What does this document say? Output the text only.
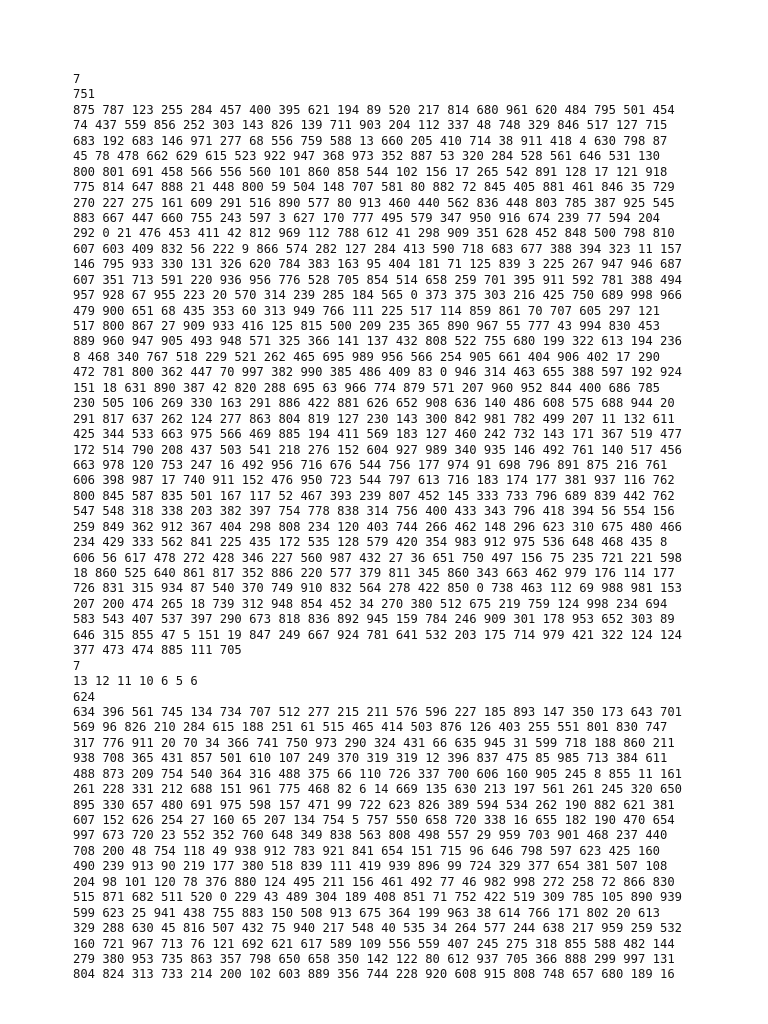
7
751
875 787 123 255 284 457 400 395 621 194 89 520 217 814 680 961 620 484 795 501 454
74 437 559 856 252 303 143 826 139 711 903 204 112 337 48 748 329 846 517 127 715
683 192 683 146 971 277 68 556 759 588 13 660 205 410 714 38 911 418 4 630 798 87
45 78 478 662 629 615 523 922 947 368 973 352 887 53 320 284 528 561 646 531 130
800 801 691 458 566 556 560 101 860 858 544 102 156 17 265 542 891 128 17 121 918
775 814 647 888 21 448 800 59 504 148 707 581 80 882 72 845 405 881 461 846 35 729
270 227 275 161 609 291 516 890 577 80 913 460 440 562 836 448 803 785 387 925 545
883 667 447 660 755 243 597 3 627 170 777 495 579 347 950 916 674 239 77 594 204
292 0 21 476 453 411 42 812 969 112 788 612 41 298 909 351 628 452 848 500 798 810
607 603 409 832 56 222 9 866 574 282 127 284 413 590 718 683 677 388 394 323 11 157
146 795 933 330 131 326 620 784 383 163 95 404 181 71 125 839 3 225 267 947 946 687
607 351 713 591 220 936 956 776 528 705 854 514 658 259 701 395 911 592 781 388 494
957 928 67 955 223 20 570 314 239 285 184 565 0 373 375 303 216 425 750 689 998 966
479 900 651 68 435 353 60 313 949 766 111 225 517 114 859 861 70 707 605 297 121
517 800 867 27 909 933 416 125 815 500 209 235 365 890 967 55 777 43 994 830 453
889 960 947 905 493 948 571 325 366 141 137 432 808 522 755 680 199 322 613 194 236
8 468 340 767 518 229 521 262 465 695 989 956 566 254 905 661 404 906 402 17 290
472 781 800 362 447 70 997 382 990 385 486 409 83 0 946 314 463 655 388 597 192 924
151 18 631 890 387 42 820 288 695 63 966 774 879 571 207 960 952 844 400 686 785
230 505 106 269 330 163 291 886 422 881 626 652 908 636 140 486 608 575 688 944 20
291 817 637 262 124 277 863 804 819 127 230 143 300 842 981 782 499 207 11 132 611
425 344 533 663 975 566 469 885 194 411 569 183 127 460 242 732 143 171 367 519 477
172 514 790 208 437 503 541 218 276 152 604 927 989 340 935 146 492 761 140 517 456
663 978 120 753 247 16 492 956 716 676 544 756 177 974 91 698 796 891 875 216 761
606 398 987 17 740 911 152 476 950 723 544 797 613 716 183 174 177 381 937 116 762
800 845 587 835 501 167 117 52 467 393 239 807 452 145 333 733 796 689 839 442 762
547 548 318 338 203 382 397 754 778 838 314 756 400 433 343 796 418 394 56 554 156
259 849 362 912 367 404 298 808 234 120 403 744 266 462 148 296 623 310 675 480 466
234 429 333 562 841 225 435 172 535 128 579 420 354 983 912 975 536 648 468 435 8
606 56 617 478 272 428 346 227 560 987 432 27 36 651 750 497 156 75 235 721 221 598
18 860 525 640 861 817 352 886 220 577 379 811 345 860 343 663 462 979 176 114 177
726 831 315 934 87 540 370 749 910 832 564 278 422 850 0 738 463 112 69 988 981 153
207 200 474 265 18 739 312 948 854 452 34 270 380 512 675 219 759 124 998 234 694
583 543 407 537 397 290 673 818 836 892 945 159 784 246 909 301 178 953 652 303 89
646 315 855 47 5 151 19 847 249 667 924 781 641 532 203 175 714 979 421 322 124 124
377 473 474 885 111 705
7
13 12 11 10 6 5 6
624
634 396 561 745 134 734 707 512 277 215 211 576 596 227 185 893 147 350 173 643 701
569 96 826 210 284 615 188 251 61 515 465 414 503 876 126 403 255 551 801 830 747
317 776 911 20 70 34 366 741 750 973 290 324 431 66 635 945 31 599 718 188 860 211
938 708 365 431 857 501 610 107 249 370 319 319 12 396 837 475 85 985 713 384 611
488 873 209 754 540 364 316 488 375 66 110 726 337 700 606 160 905 245 8 855 11 161
261 228 331 212 688 151 961 775 468 82 6 14 669 135 630 213 197 561 261 245 320 650
895 330 657 480 691 975 598 157 471 99 722 623 826 389 594 534 262 190 882 621 381
607 152 626 254 27 160 65 207 134 754 5 757 550 658 720 338 16 655 182 190 470 654
997 673 720 23 552 352 760 648 349 838 563 808 498 557 29 959 703 901 468 237 440
708 200 48 754 118 49 938 912 783 921 841 654 151 715 96 646 798 597 623 425 160
490 239 913 90 219 177 380 518 839 111 419 939 896 99 724 329 377 654 381 507 108
204 98 101 120 78 376 880 124 495 211 156 461 492 77 46 982 998 272 258 72 866 830
515 871 682 511 520 0 229 43 489 304 189 408 851 71 752 422 519 309 785 105 890 939
599 623 25 941 438 755 883 150 508 913 675 364 199 963 38 614 766 171 802 20 613
329 288 630 45 816 507 432 75 940 217 548 40 535 34 264 577 244 638 217 959 259 532
160 721 967 713 76 121 692 621 617 589 109 556 559 407 245 275 318 855 588 482 144
279 380 953 735 863 357 798 650 658 350 142 122 80 612 937 705 366 888 299 997 131
804 824 313 733 214 200 102 603 889 356 744 228 920 608 915 808 748 657 680 189 16
